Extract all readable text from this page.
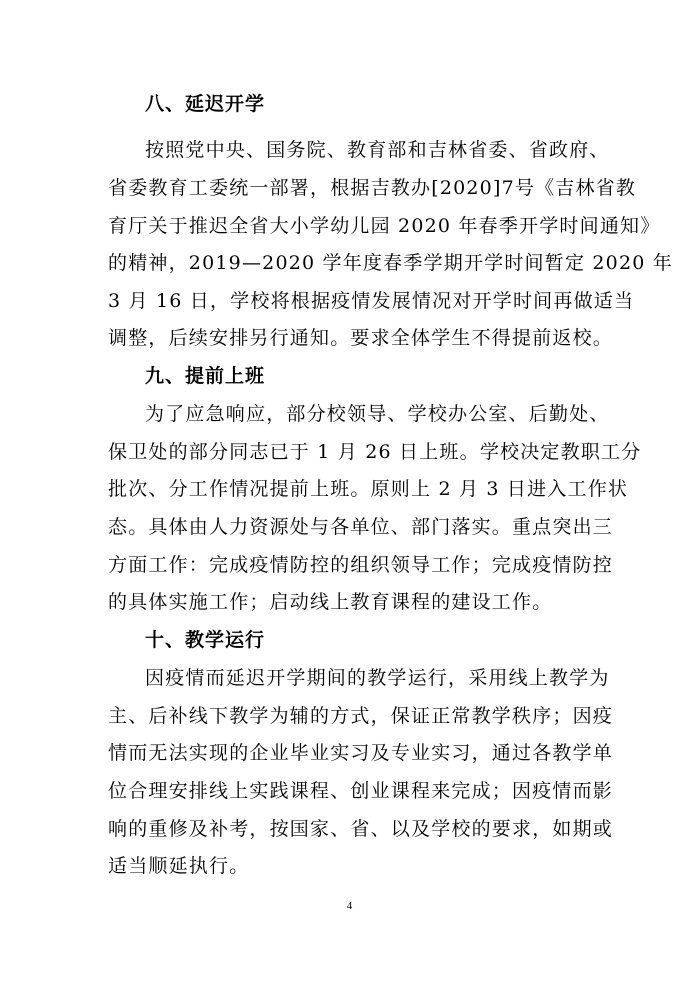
八、延迟开学
按照党中央、国务院、教育部和吉林省委、省政府、
省委教育工委统一部署，根据吉教办[2020]7号《吉林省教
育厅关于推迟全省大小学幼儿园 2020 年春季开学时间通知》
的精神，2019—2020 学年度春季学期开学时间暂定 2020 年
3 月 16 日，学校将根据疫情发展情况对开学时间再做适当
调整，后续安排另行通知。要求全体学生不得提前返校。
九、提前上班
为了应急响应，部分校领导、学校办公室、后勤处、
保卫处的部分同志已于 1 月 26 日上班。学校决定教职工分
批次、分工作情况提前上班。原则上 2 月 3 日进入工作状
态。具体由人力资源处与各单位、部门落实。重点突出三
方面工作：完成疫情防控的组织领导工作；完成疫情防控
的具体实施工作；启动线上教育课程的建设工作。
十、教学运行
因疫情而延迟开学期间的教学运行，采用线上教学为
主、后补线下教学为辅的方式，保证正常教学秩序；因疫
情而无法实现的企业毕业实习及专业实习，通过各教学单
位合理安排线上实践课程、创业课程来完成；因疫情而影
响的重修及补考，按国家、省、以及学校的要求，如期或
适当顺延执行。
4
